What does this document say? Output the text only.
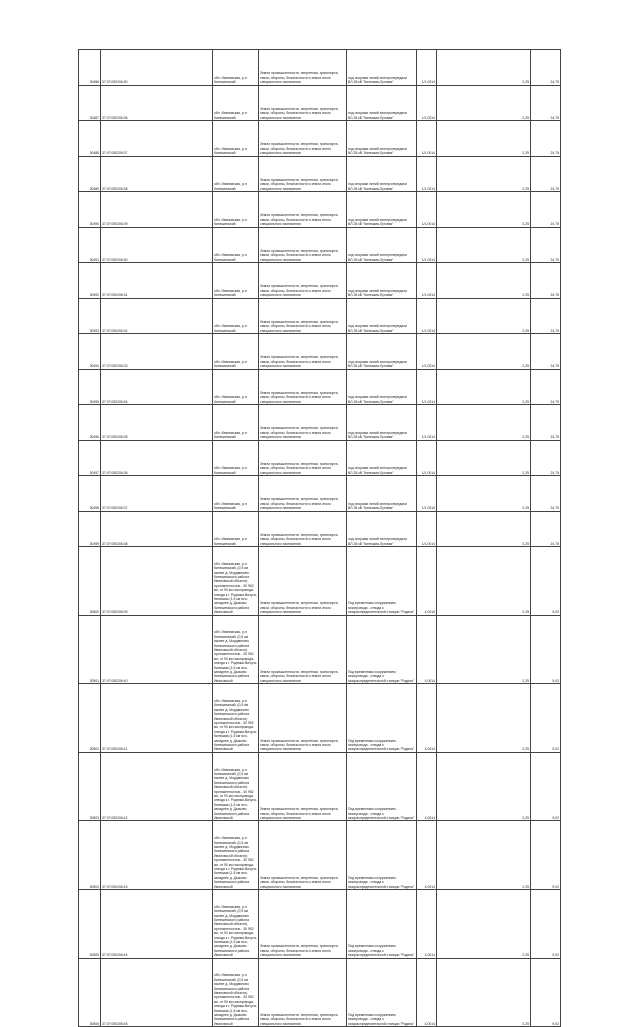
30486	37:07:050206:30	обл. Ивановская, р-н Кинешемский	Земли промышленности, энергетики, транспорта, связи, обороны, безопасности и земли иного специального назначения	под опорами линий электропередачи ВЛ-35 кВ "Кинешма-Луговая"	1/1.0014	2,25	24,75
30487	37:07:050206:36	обл. Ивановская, р-н Кинешемский	Земли промышленности, энергетики, транспорта, связи, обороны, безопасности и земли иного специального назначения	под опорами линий электропередачи ВЛ-35 кВ "Кинешма-Луговая"	1/1.0014	2,25	24,75
30488	37:07:050206:37	обл. Ивановская, р-н Кинешемский	Земли промышленности, энергетики, транспорта, связи, обороны, безопасности и земли иного специального назначения	под опорами линий электропередачи ВЛ-35 кВ "Кинешма-Луговая"	1/1.0014	2,25	24,75
30489	37:07:050206:38	обл. Ивановская, р-н Кинешемский	Земли промышленности, энергетики, транспорта, связи, обороны, безопасности и земли иного специального назначения	под опорами линий электропередачи ВЛ-35 кВ "Кинешма-Луговая"	1/1.0014	2,25	24,75
30490	37:07:050206:39	обл. Ивановская, р-н Кинешемский	Земли промышленности, энергетики, транспорта, связи, обороны, безопасности и земли иного специального назначения	под опорами линий электропередачи ВЛ-35 кВ "Кинешма-Луговая"	1/1.0014	2,25	24,75
30491	37:07:050206:30	обл. Ивановская, р-н Кинешемский	Земли промышленности, энергетики, транспорта, связи, обороны, безопасности и земли иного специального назначения	под опорами линий электропередачи ВЛ-35 кВ "Кинешма-Луговая"	1/1.0014	2,25	24,75
30492	37:07:050206:31	обл. Ивановская, р-н Кинешемский	Земли промышленности, энергетики, транспорта, связи, обороны, безопасности и земли иного специального назначения	под опорами линий электропередачи ВЛ-35 кВ "Кинешма-Луговая"	1/1.0014	2,25	24,75
30493	37:07:050206:32	обл. Ивановская, р-н Кинешемский	Земли промышленности, энергетики, транспорта, связи, обороны, безопасности и земли иного специального назначения	под опорами линий электропередачи ВЛ-35 кВ "Кинешма-Луговая"	1/1.0014	2,25	24,75
30494	37:07:050206:33	обл. Ивановская, р-н Кинешемский	Земли промышленности, энергетики, транспорта, связи, обороны, безопасности и земли иного специального назначения	под опорами линий электропередачи ВЛ-35 кВ "Кинешма-Луговая"	1/1.0014	2,25	24,75
30495	37:07:050206:34	обл. Ивановская, р-н Кинешемский	Земли промышленности, энергетики, транспорта, связи, обороны, безопасности и земли иного специального назначения	под опорами линий электропередачи ВЛ-35 кВ "Кинешма-Луговая"	1/1.0014	2,25	24,75
30496	37:07:050206:35	обл. Ивановская, р-н Кинешемский	Земли промышленности, энергетики, транспорта, связи, обороны, безопасности и земли иного специального назначения	под опорами линий электропередачи ВЛ-35 кВ "Кинешма-Луговая"	1/1.0014	2,25	24,75
30497	37:07:050206:36	обл. Ивановская, р-н Кинешемский	Земли промышленности, энергетики, транспорта, связи, обороны, безопасности и земли иного специального назначения	под опорами линий электропередачи ВЛ-35 кВ "Кинешма-Луговая"	1/1.0014	2,25	24,75
30498	37:07:050206:37	обл. Ивановская, р-н Кинешемский	Земли промышленности, энергетики, транспорта, связи, обороны, безопасности и земли иного специального назначения	под опорами линий электропередачи ВЛ-35 кВ "Кинешма-Луговая"	1/1.0014	2,25	24,75
30499	37:07:050206:38	обл. Ивановская, р-н Кинешемский	Земли промышленности, энергетики, транспорта, связи, обороны, безопасности и земли иного специального назначения	под опорами линий электропередачи ВЛ-35 кВ "Кинешма-Луговая"	1/1.0014	2,25	24,75
30500	37:07:050206:39	обл. Ивановская, р-н Кинешемский, (0,5 км южнее д. Мордвиново Кинешемского района Ивановской области) протяженностью - 30 952 км, от 90 км газопровода-отвода к г. Родники-Вичуга-Кинешма (1,5 км юго-западнее д. Дьяково Кинешемского района Ивановской	Земли промышленности, энергетики, транспорта, связи, обороны, безопасности и земли иного специального назначения	Под временным сооружением газопровода - отвода к газораспределительной станции "Родина"	4.0014	2,25	9,02
30501	37:07:050206:40	обл. Ивановская, р-н Кинешемский, (0,5 км южнее д. Мордвиново Кинешемского района Ивановской области) протяженностью - 30 952 км, от 90 км газопровода-отвода к г. Родники-Вичуга-Кинешма (1,5 км юго-западнее д. Дьяково Кинешемского района Ивановской	Земли промышленности, энергетики, транспорта, связи, обороны, безопасности и земли иного специального назначения	Под временным сооружением газопровода - отвода к газораспределительной станции "Родина"	4.0014	2,25	9,02
30502	37:07:050206:41	обл. Ивановская, р-н Кинешемский, (0,5 км южнее д. Мордвиново Кинешемского района Ивановской области) протяженностью - 30 952 км, от 90 км газопровода-отвода к г. Родники-Вичуга-Кинешма (1,5 км юго-западнее д. Дьяково Кинешемского района Ивановской	Земли промышленности, энергетики, транспорта, связи, обороны, безопасности и земли иного специального назначения	Под временным сооружением газопровода - отвода к газораспределительной станции "Родина"	4.0014	2,25	9,02
30503	37:07:050206:42	обл. Ивановская, р-н Кинешемский, (0,5 км южнее д. Мордвиново Кинешемского района Ивановской области) протяженностью - 30 952 км, от 90 км газопровода-отвода к г. Родники-Вичуга-Кинешма (1,5 км юго-западнее д. Дьяково Кинешемского района Ивановской	Земли промышленности, энергетики, транспорта, связи, обороны, безопасности и земли иного специального назначения	Под временным сооружением газопровода - отвода к газораспределительной станции "Родина"	4.0014	2,25	9,02
30504	37:07:050206:43	обл. Ивановская, р-н Кинешемский, (0,5 км южнее д. Мордвиново Кинешемского района Ивановской области) протяженностью - 30 952 км, от 90 км газопровода-отвода к г. Родники-Вичуга-Кинешма (1,5 км юго-западнее д. Дьяково Кинешемского района Ивановской	Земли промышленности, энергетики, транспорта, связи, обороны, безопасности и земли иного специального назначения	Под временным сооружением газопровода - отвода к газораспределительной станции "Родина"	4.0014	2,25	9,02
30505	37:07:050206:44	обл. Ивановская, р-н Кинешемский, (0,5 км южнее д. Мордвиново Кинешемского района Ивановской области) протяженностью - 30 952 км, от 90 км газопровода-отвода к г. Родники-Вичуга-Кинешма (1,5 км юго-западнее д. Дьяково Кинешемского района Ивановской	Земли промышленности, энергетики, транспорта, связи, обороны, безопасности и земли иного специального назначения	Под временным сооружением газопровода - отвода к газораспределительной станции "Родина"	4.0014	2,25	9,02
30506	37:07:050206:45	обл. Ивановская, р-н Кинешемский, (0,5 км южнее д. Мордвиново Кинешемского района Ивановской области) протяженностью - 30 952 км, от 90 км газопровода-отвода к г. Родники-Вичуга-Кинешма (1,5 км юго-западнее д. Дьяково Кинешемского района Ивановской	Земли промышленности, энергетики, транспорта, связи, обороны, безопасности и земли иного специального назначения	Под временным сооружением газопровода - отвода к газораспределительной станции "Родина"	4.0014	2,25	9,02
